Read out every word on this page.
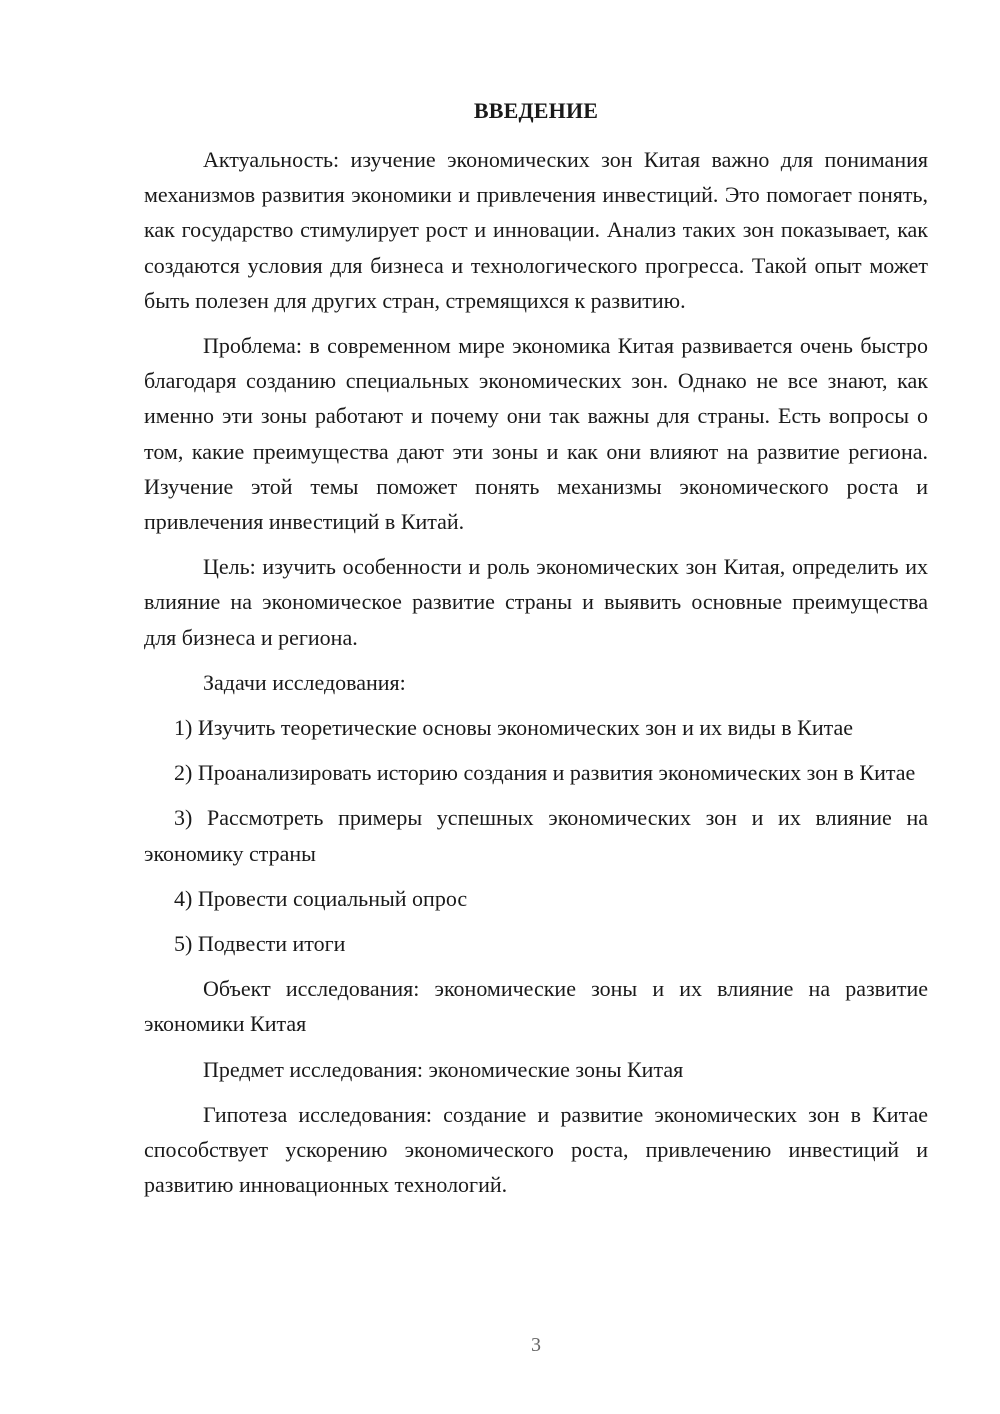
ВВЕДЕНИЕ

Актуальность: изучение экономических зон Китая важно для понимания механизмов развития экономики и привлечения инвестиций. Это помогает понять, как государство стимулирует рост и инновации. Анализ таких зон показывает, как создаются условия для бизнеса и технологического прогресса. Такой опыт может быть полезен для других стран, стремящихся к развитию.

Проблема: в современном мире экономика Китая развивается очень быстро благодаря созданию специальных экономических зон. Однако не все знают, как именно эти зоны работают и почему они так важны для страны. Есть вопросы о том, какие преимущества дают эти зоны и как они влияют на развитие региона. Изучение этой темы поможет понять механизмы экономического роста и привлечения инвестиций в Китай.

Цель: изучить особенности и роль экономических зон Китая, определить их влияние на экономическое развитие страны и выявить основные преимущества для бизнеса и региона.

Задачи исследования:

1) Изучить теоретические основы экономических зон и их виды в Китае

2) Проанализировать историю создания и развития экономических зон в Китае

3) Рассмотреть примеры успешных экономических зон и их влияние на экономику страны

4) Провести социальный опрос

5) Подвести итоги

Объект исследования: экономические зоны и их влияние на развитие экономики Китая

Предмет исследования: экономические зоны Китая

Гипотеза исследования: создание и развитие экономических зон в Китае способствует ускорению экономического роста, привлечению инвестиций и развитию инновационных технологий.

3
